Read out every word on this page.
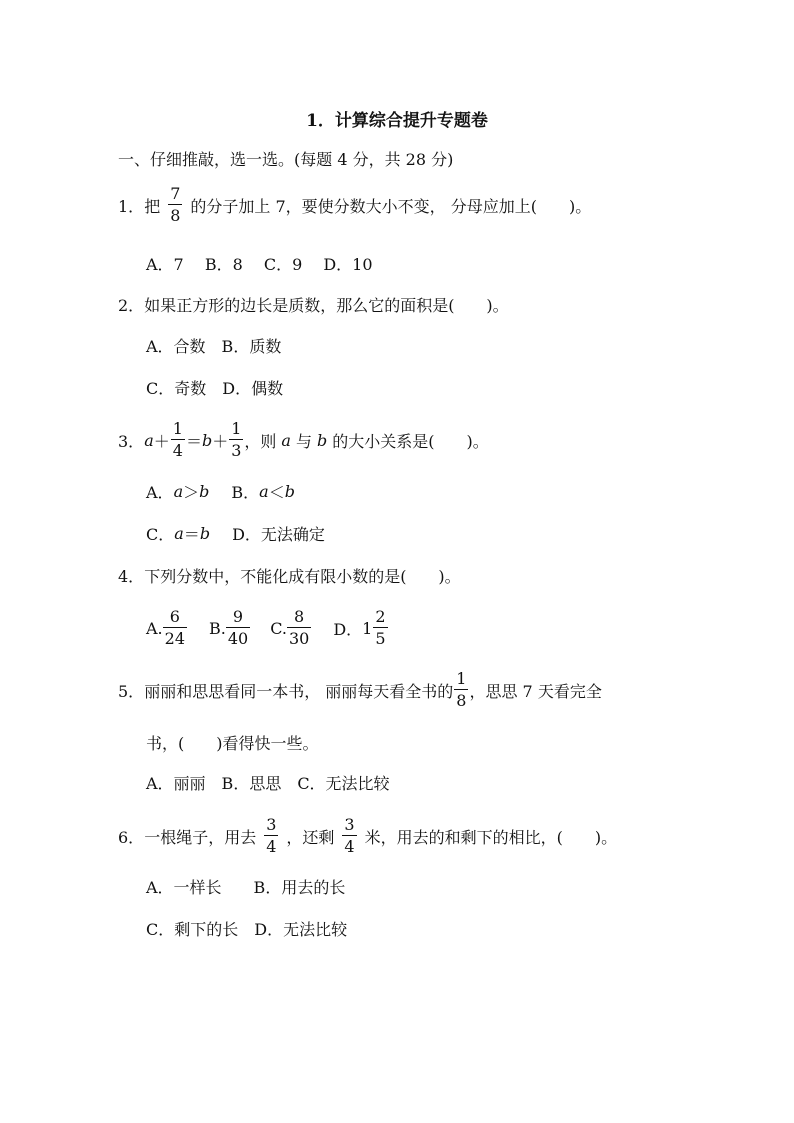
1．计算综合提升专题卷
一、仔细推敲，选一选。(每题 4 分，共 28 分)
1． 把 $\frac{7}{8}$ 的分子加上 7，要使分数大小不变， 分母应加上(　　)。
A．7　 B．8　 C．9　 D．10
2． 如果正方形的边长是质数，那么它的面积是(　　)。
A．合数　B．质数
C．奇数　D．偶数
3． $a + \frac{1}{4} = b + \frac{1}{3}$ ，则 a 与 b 的大小关系是(　　)。
A． a ＞ b B． a ＜ b
C． a ＝ b D．无法确定
4． 下列分数中，不能化成有限小数的是(　　)。
A. $\frac{6}{24} B$. $\frac{9}{40} C$. $\frac{8}{30}$ D． $1 \frac{2}{5}$
5． 丽丽和思思看同一本书， 丽丽每天看全书的 $\frac{1}{8}$ ，思思 7 天看完全
书，(　　)看得快一些。
A．丽丽　B．思思　C．无法比较
6． 一根绳子，用去 $\frac{3}{4}$ ，还剩 $\frac{3}{4}$ 米，用去的和剩下的相比，(　　)。
A．一样长　　B．用去的长
C．剩下的长　D．无法比较
